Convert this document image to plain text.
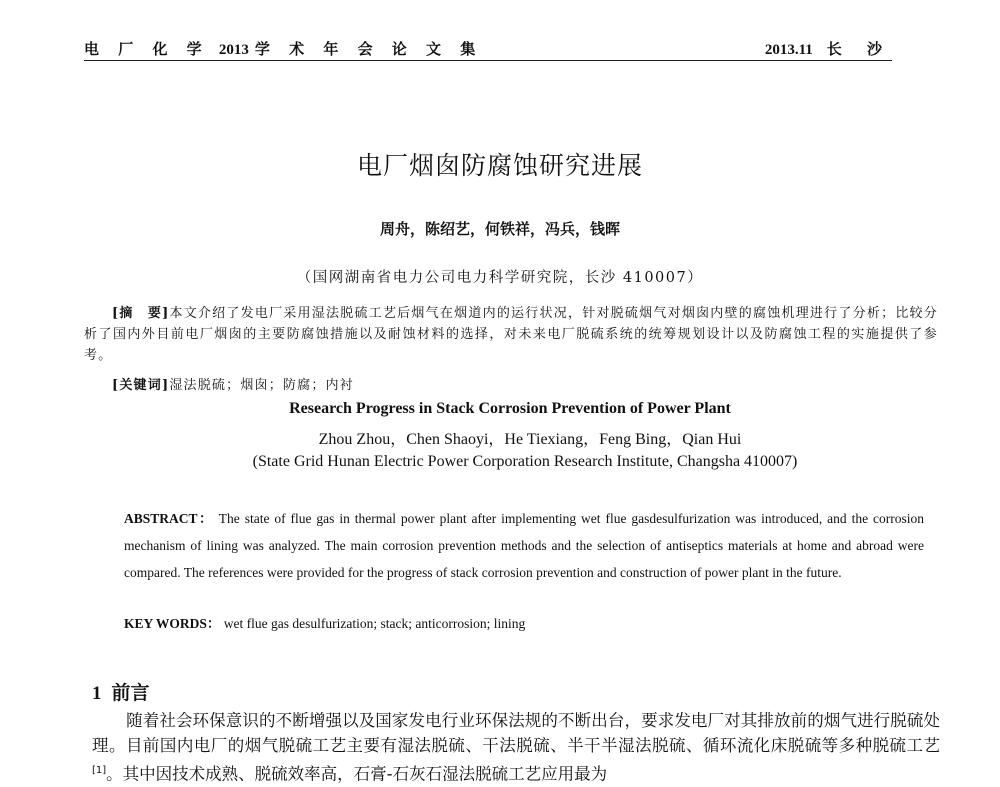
电 厂 化 学 2013 学 术 年 会 论 文 集	2013.11 长 沙
电厂烟囱防腐蚀研究进展
周舟，陈绍艺，何铁祥，冯兵，钱晖
（国网湖南省电力公司电力科学研究院，长沙 410007）
[摘　要]本文介绍了发电厂采用湿法脱硫工艺后烟气在烟道内的运行状况，针对脱硫烟气对烟囱内壁的腐蚀机理进行了分析；比较分析了国内外目前电厂烟囱的主要防腐蚀措施以及耐蚀材料的选择，对未来电厂脱硫系统的统筹规划设计以及防腐蚀工程的实施提供了参考。
[关键词]湿法脱硫；烟囱；防腐；内衬
Research Progress in Stack Corrosion Prevention of Power Plant
Zhou Zhou，Chen Shaoyi，He Tiexiang，Feng Bing，Qian Hui
(State Grid Hunan Electric Power Corporation Research Institute, Changsha 410007)
ABSTRACT： The state of flue gas in thermal power plant after implementing wet flue gasdesulfurization was introduced, and the corrosion mechanism of lining was analyzed. The main corrosion prevention methods and the selection of antiseptics materials at home and abroad were compared. The references were provided for the progress of stack corrosion prevention and construction of power plant in the future.
KEY WORDS： wet flue gas desulfurization; stack; anticorrosion; lining
1 前言
随着社会环保意识的不断增强以及国家发电行业环保法规的不断出台，要求发电厂对其排放前的烟气进行脱硫处理。目前国内电厂的烟气脱硫工艺主要有湿法脱硫、干法脱硫、半干半湿法脱硫、循环流化床脱硫等多种脱硫工艺[1]。其中因技术成熟、脱硫效率高，石膏-石灰石湿法脱硫工艺应用最为
